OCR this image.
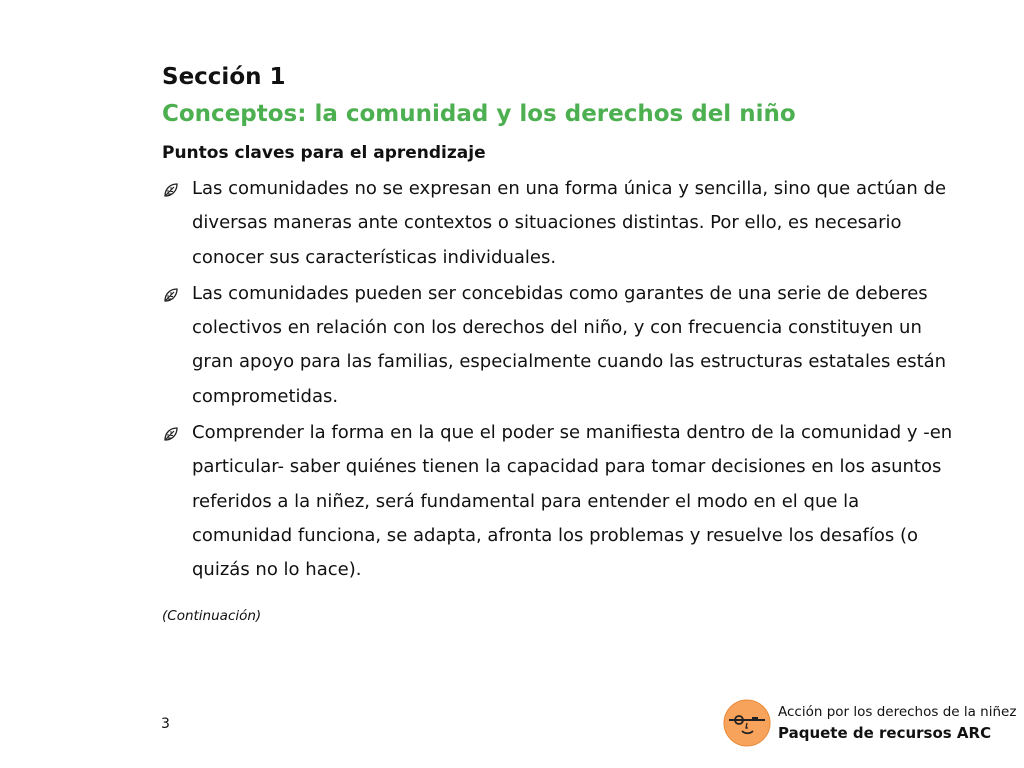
Sección 1
Conceptos: la comunidad y los derechos del niño
Puntos claves para el aprendizaje
Las comunidades no se expresan en una forma única y sencilla, sino que actúan de diversas maneras ante contextos o situaciones distintas. Por ello, es necesario conocer sus características individuales.
Las comunidades pueden ser concebidas como garantes de una serie de deberes colectivos en relación con los derechos del niño, y con frecuencia constituyen un gran apoyo para las familias, especialmente cuando las estructuras estatales están comprometidas.
Comprender la forma en la que el poder se manifiesta dentro de la comunidad y -en particular- saber quiénes tienen la capacidad para tomar decisiones en los asuntos referidos a la niñez, será fundamental para entender el modo en el que la comunidad funciona, se adapta, afronta los problemas y resuelve los desafíos (o quizás no lo hace).
(Continuación)
3
Acción por los derechos de la niñez
Paquete de recursos ARC
